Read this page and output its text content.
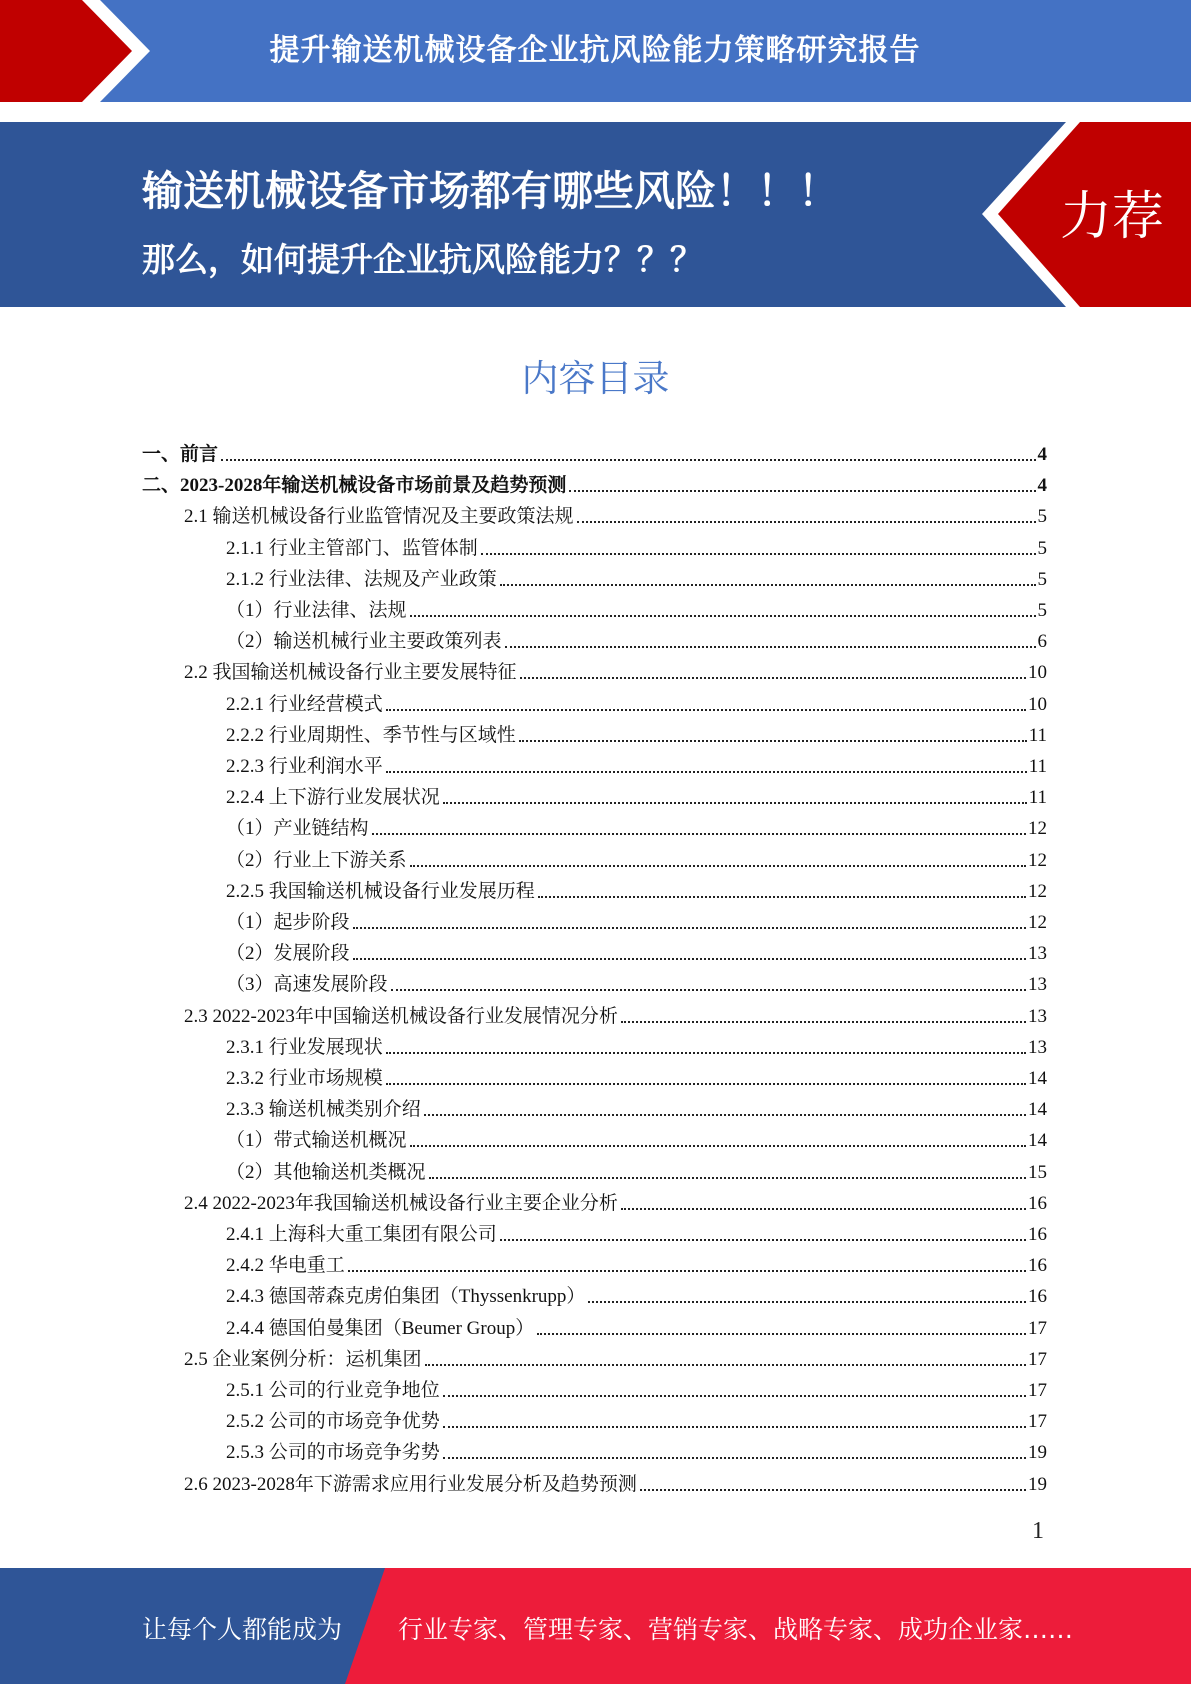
提升输送机械设备企业抗风险能力策略研究报告
输送机械设备市场都有哪些风险！！！
那么，如何提升企业抗风险能力？？？
力荐
内容目录
一、前言	4
二、2023-2028年输送机械设备市场前景及趋势预测	4
2.1 输送机械设备行业监管情况及主要政策法规	5
2.1.1 行业主管部门、监管体制	5
2.1.2 行业法律、法规及产业政策	5
（1）行业法律、法规	5
（2）输送机械行业主要政策列表	6
2.2 我国输送机械设备行业主要发展特征	10
2.2.1 行业经营模式	10
2.2.2 行业周期性、季节性与区域性	11
2.2.3 行业利润水平	11
2.2.4 上下游行业发展状况	11
（1）产业链结构	12
（2）行业上下游关系	12
2.2.5 我国输送机械设备行业发展历程	12
（1）起步阶段	12
（2）发展阶段	13
（3）高速发展阶段	13
2.3 2022-2023年中国输送机械设备行业发展情况分析	13
2.3.1 行业发展现状	13
2.3.2 行业市场规模	14
2.3.3 输送机械类别介绍	14
（1）带式输送机概况	14
（2）其他输送机类概况	15
2.4 2022-2023年我国输送机械设备行业主要企业分析	16
2.4.1 上海科大重工集团有限公司	16
2.4.2 华电重工	16
2.4.3 德国蒂森克虏伯集团（Thyssenkrupp）	16
2.4.4 德国伯曼集团（Beumer Group）	17
2.5 企业案例分析：运机集团	17
2.5.1 公司的行业竞争地位	17
2.5.2 公司的市场竞争优势	17
2.5.3 公司的市场竞争劣势	19
2.6 2023-2028年下游需求应用行业发展分析及趋势预测	19
1
让每个人都能成为 行业专家、管理专家、营销专家、战略专家、成功企业家……
